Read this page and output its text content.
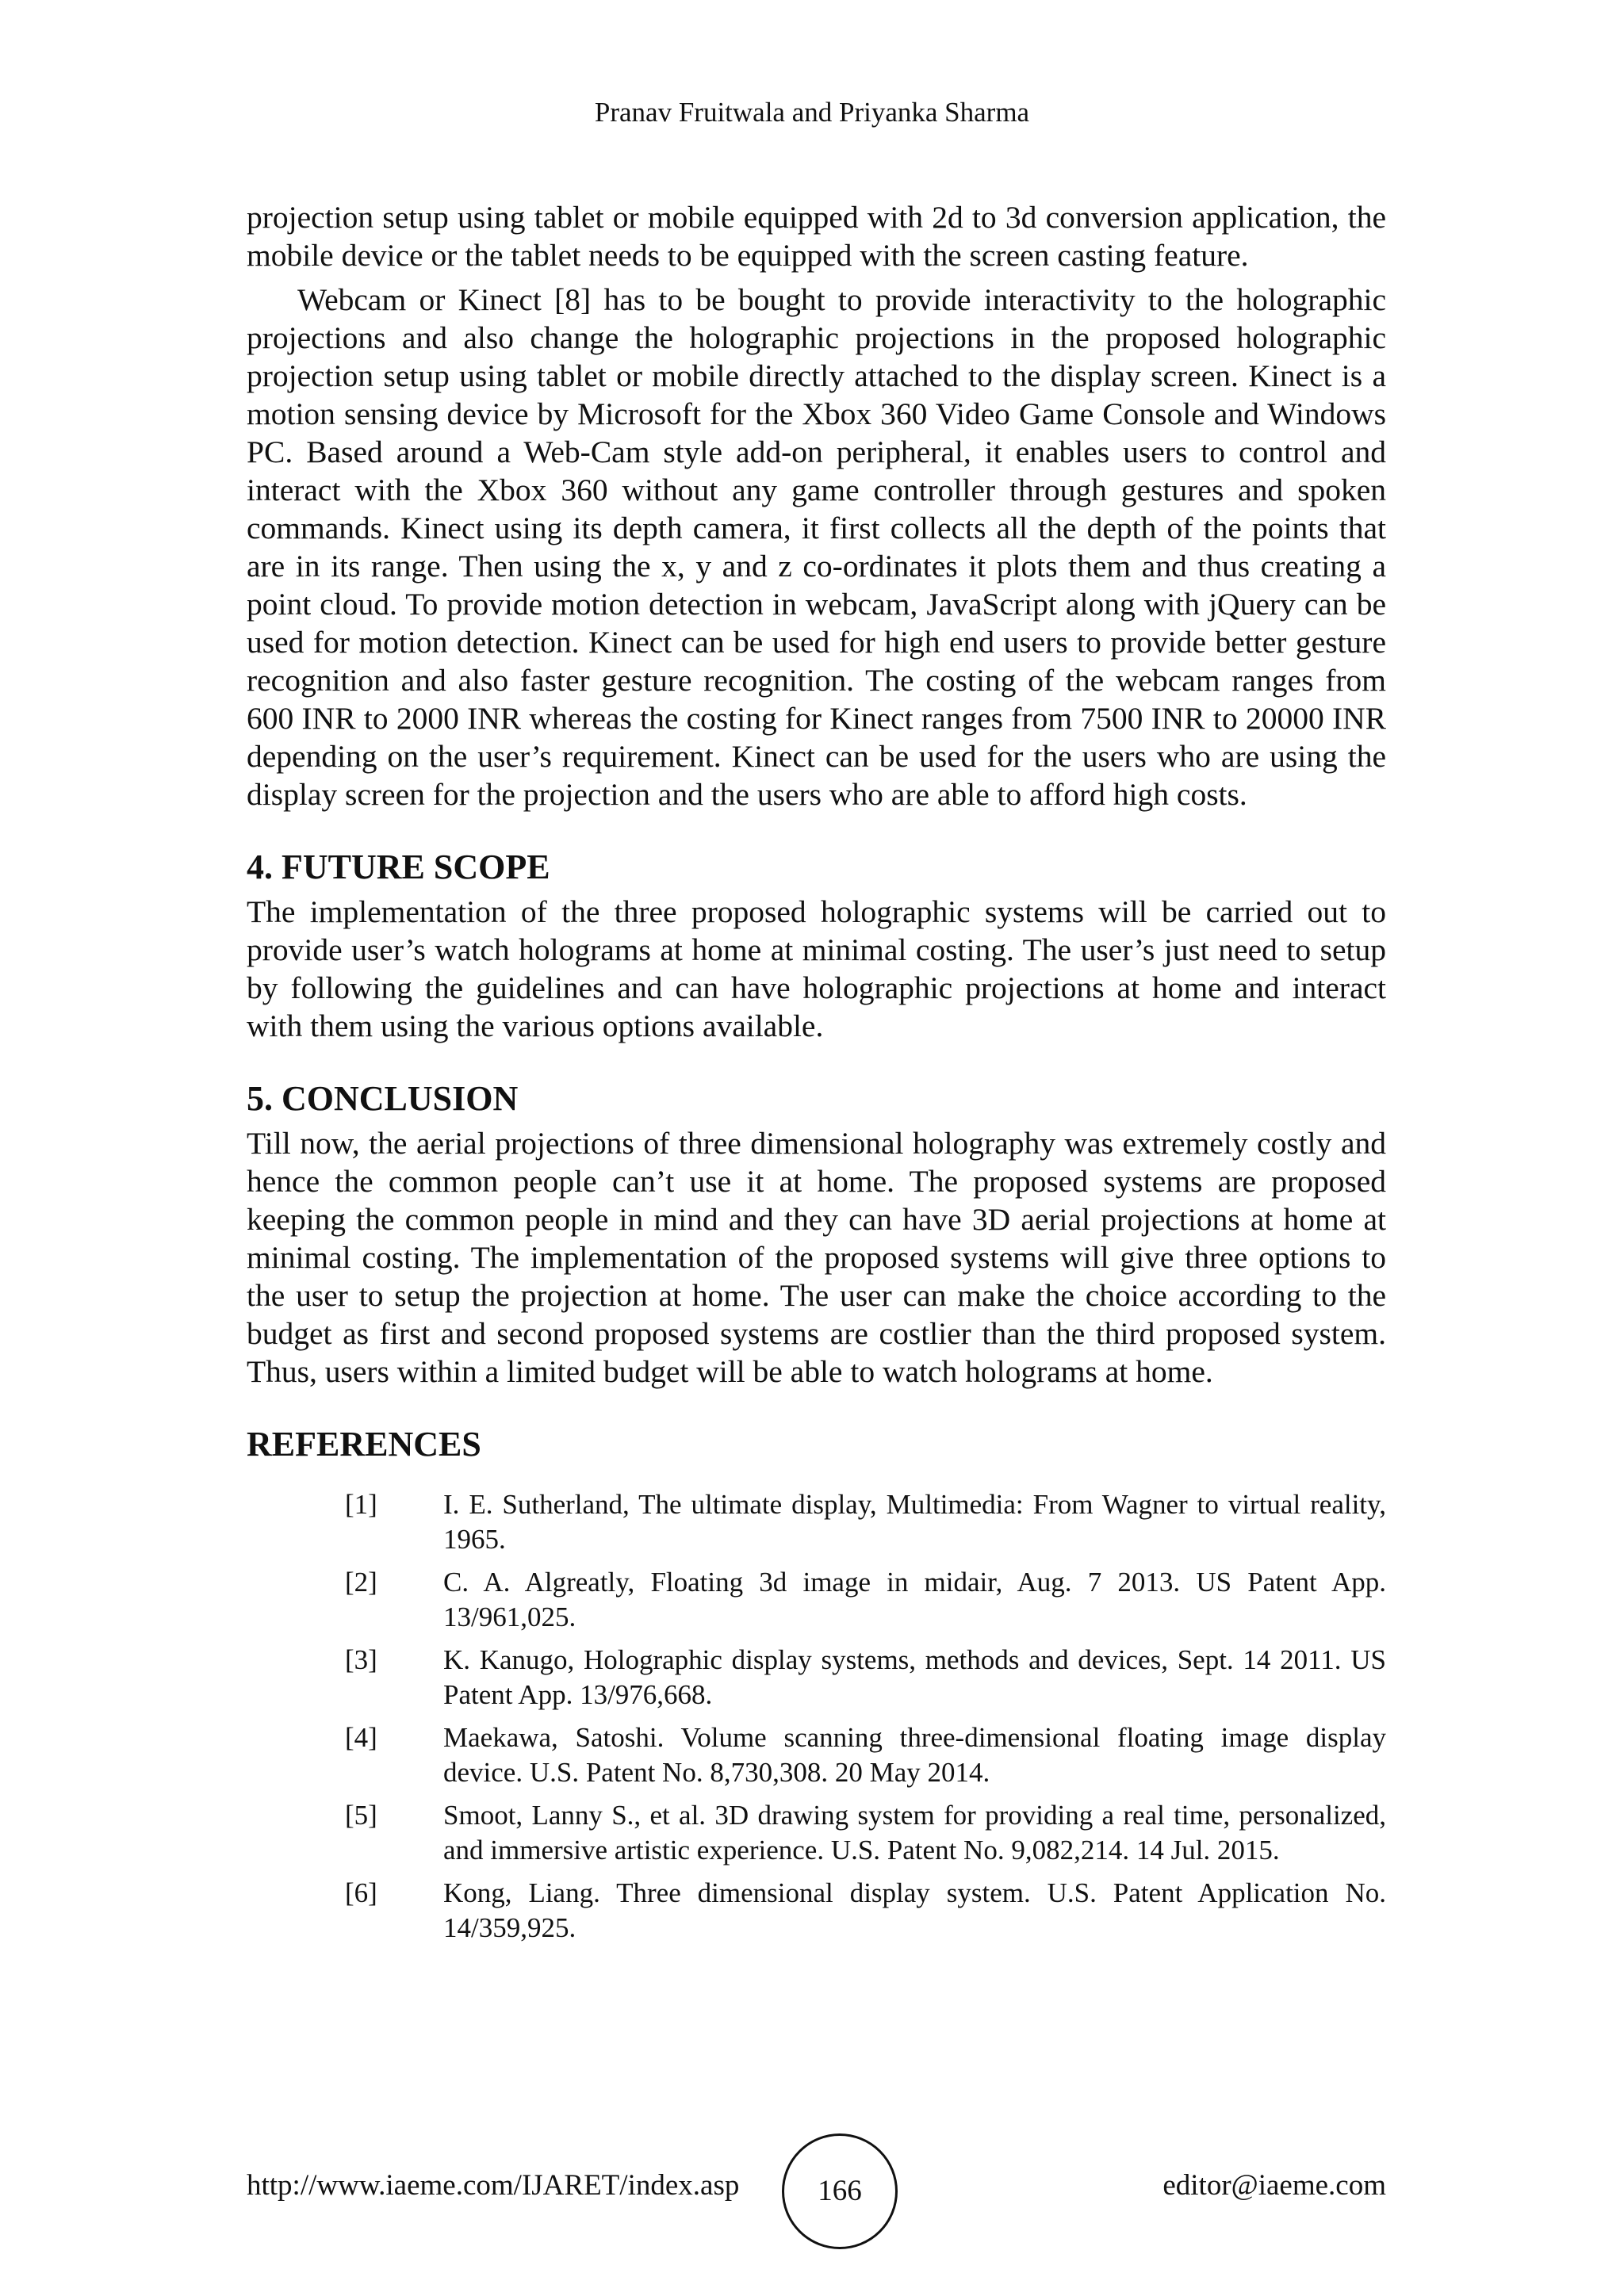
Pranav Fruitwala and Priyanka Sharma

projection setup using tablet or mobile equipped with 2d to 3d conversion application, the mobile device or the tablet needs to be equipped with the screen casting feature.

Webcam or Kinect [8] has to be bought to provide interactivity to the holographic projections and also change the holographic projections in the proposed holographic projection setup using tablet or mobile directly attached to the display screen. Kinect is a motion sensing device by Microsoft for the Xbox 360 Video Game Console and Windows PC. Based around a Web-Cam style add-on peripheral, it enables users to control and interact with the Xbox 360 without any game controller through gestures and spoken commands. Kinect using its depth camera, it first collects all the depth of the points that are in its range. Then using the x, y and z co-ordinates it plots them and thus creating a point cloud. To provide motion detection in webcam, JavaScript along with jQuery can be used for motion detection. Kinect can be used for high end users to provide better gesture recognition and also faster gesture recognition. The costing of the webcam ranges from 600 INR to 2000 INR whereas the costing for Kinect ranges from 7500 INR to 20000 INR depending on the user’s requirement. Kinect can be used for the users who are using the display screen for the projection and the users who are able to afford high costs.

4. FUTURE SCOPE

The implementation of the three proposed holographic systems will be carried out to provide user’s watch holograms at home at minimal costing. The user’s just need to setup by following the guidelines and can have holographic projections at home and interact with them using the various options available.

5. CONCLUSION

Till now, the aerial projections of three dimensional holography was extremely costly and hence the common people can’t use it at home. The proposed systems are proposed keeping the common people in mind and they can have 3D aerial projections at home at minimal costing. The implementation of the proposed systems will give three options to the user to setup the projection at home. The user can make the choice according to the budget as first and second proposed systems are costlier than the third proposed system. Thus, users within a limited budget will be able to watch holograms at home.

REFERENCES
[1] I. E. Sutherland, The ultimate display, Multimedia: From Wagner to virtual reality, 1965.
[2] C. A. Algreatly, Floating 3d image in midair, Aug. 7 2013. US Patent App. 13/961,025.
[3] K. Kanugo, Holographic display systems, methods and devices, Sept. 14 2011. US Patent App. 13/976,668.
[4] Maekawa, Satoshi. Volume scanning three-dimensional floating image display device. U.S. Patent No. 8,730,308. 20 May 2014.
[5] Smoot, Lanny S., et al. 3D drawing system for providing a real time, personalized, and immersive artistic experience. U.S. Patent No. 9,082,214. 14 Jul. 2015.
[6] Kong, Liang. Three dimensional display system. U.S. Patent Application No. 14/359,925.
http://www.iaeme.com/IJARET/index.asp	166	editor@iaeme.com
